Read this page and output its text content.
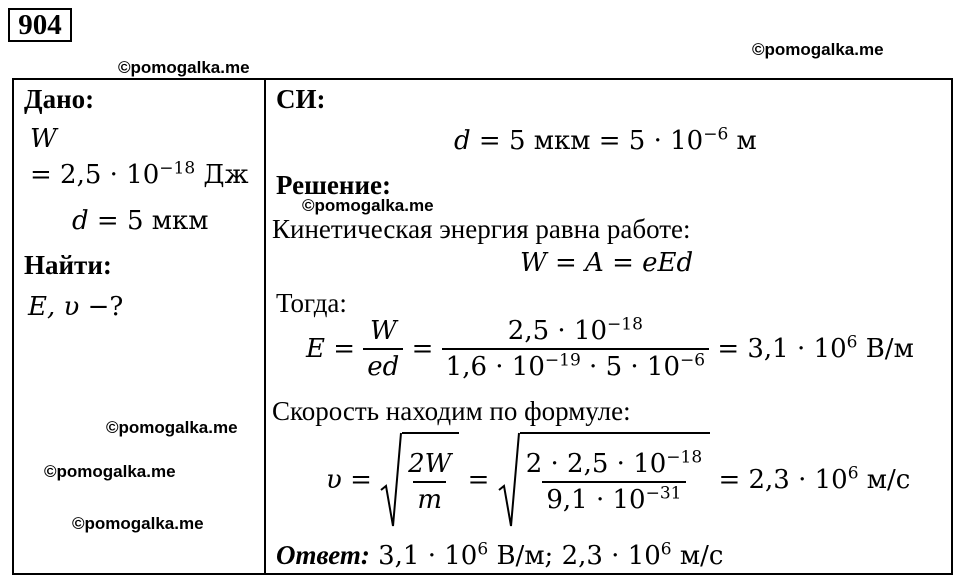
904
©pomogalka.me
©pomogalka.me
Дано:
W
= $2,5 \cdot 10^{-18}$ Дж
d = 5 мкм
Найти:
E, υ −?
СИ:
d = 5 мкм = $5 \cdot 10^{-6}$ м
Решение:
©pomogalka.me
Кинетическая энергия равна работе:
W = A = eEd
Тогда:
E =
$\frac{W}{ed}$
=
$\frac{2,5 \cdot 10^{-18}}{1,6 \cdot 10^{-19} \cdot 5 \cdot 10^{-6}}$
= $3,1 \cdot 10^6$ В/м
Скорость находим по формуле:
©pomogalka.me
©pomogalka.me
©pomogalka.me
υ =
$\frac{2W}{m}$
=
$\frac{2 \cdot 2,5 \cdot 10^{-18}}{9,1 \cdot 10^{-31}}$
= $2,3 \cdot 10^6$ м/с
Ответ: $3,1 \cdot 10^6$ В/м; $2,3 \cdot 10^6$ м/с
